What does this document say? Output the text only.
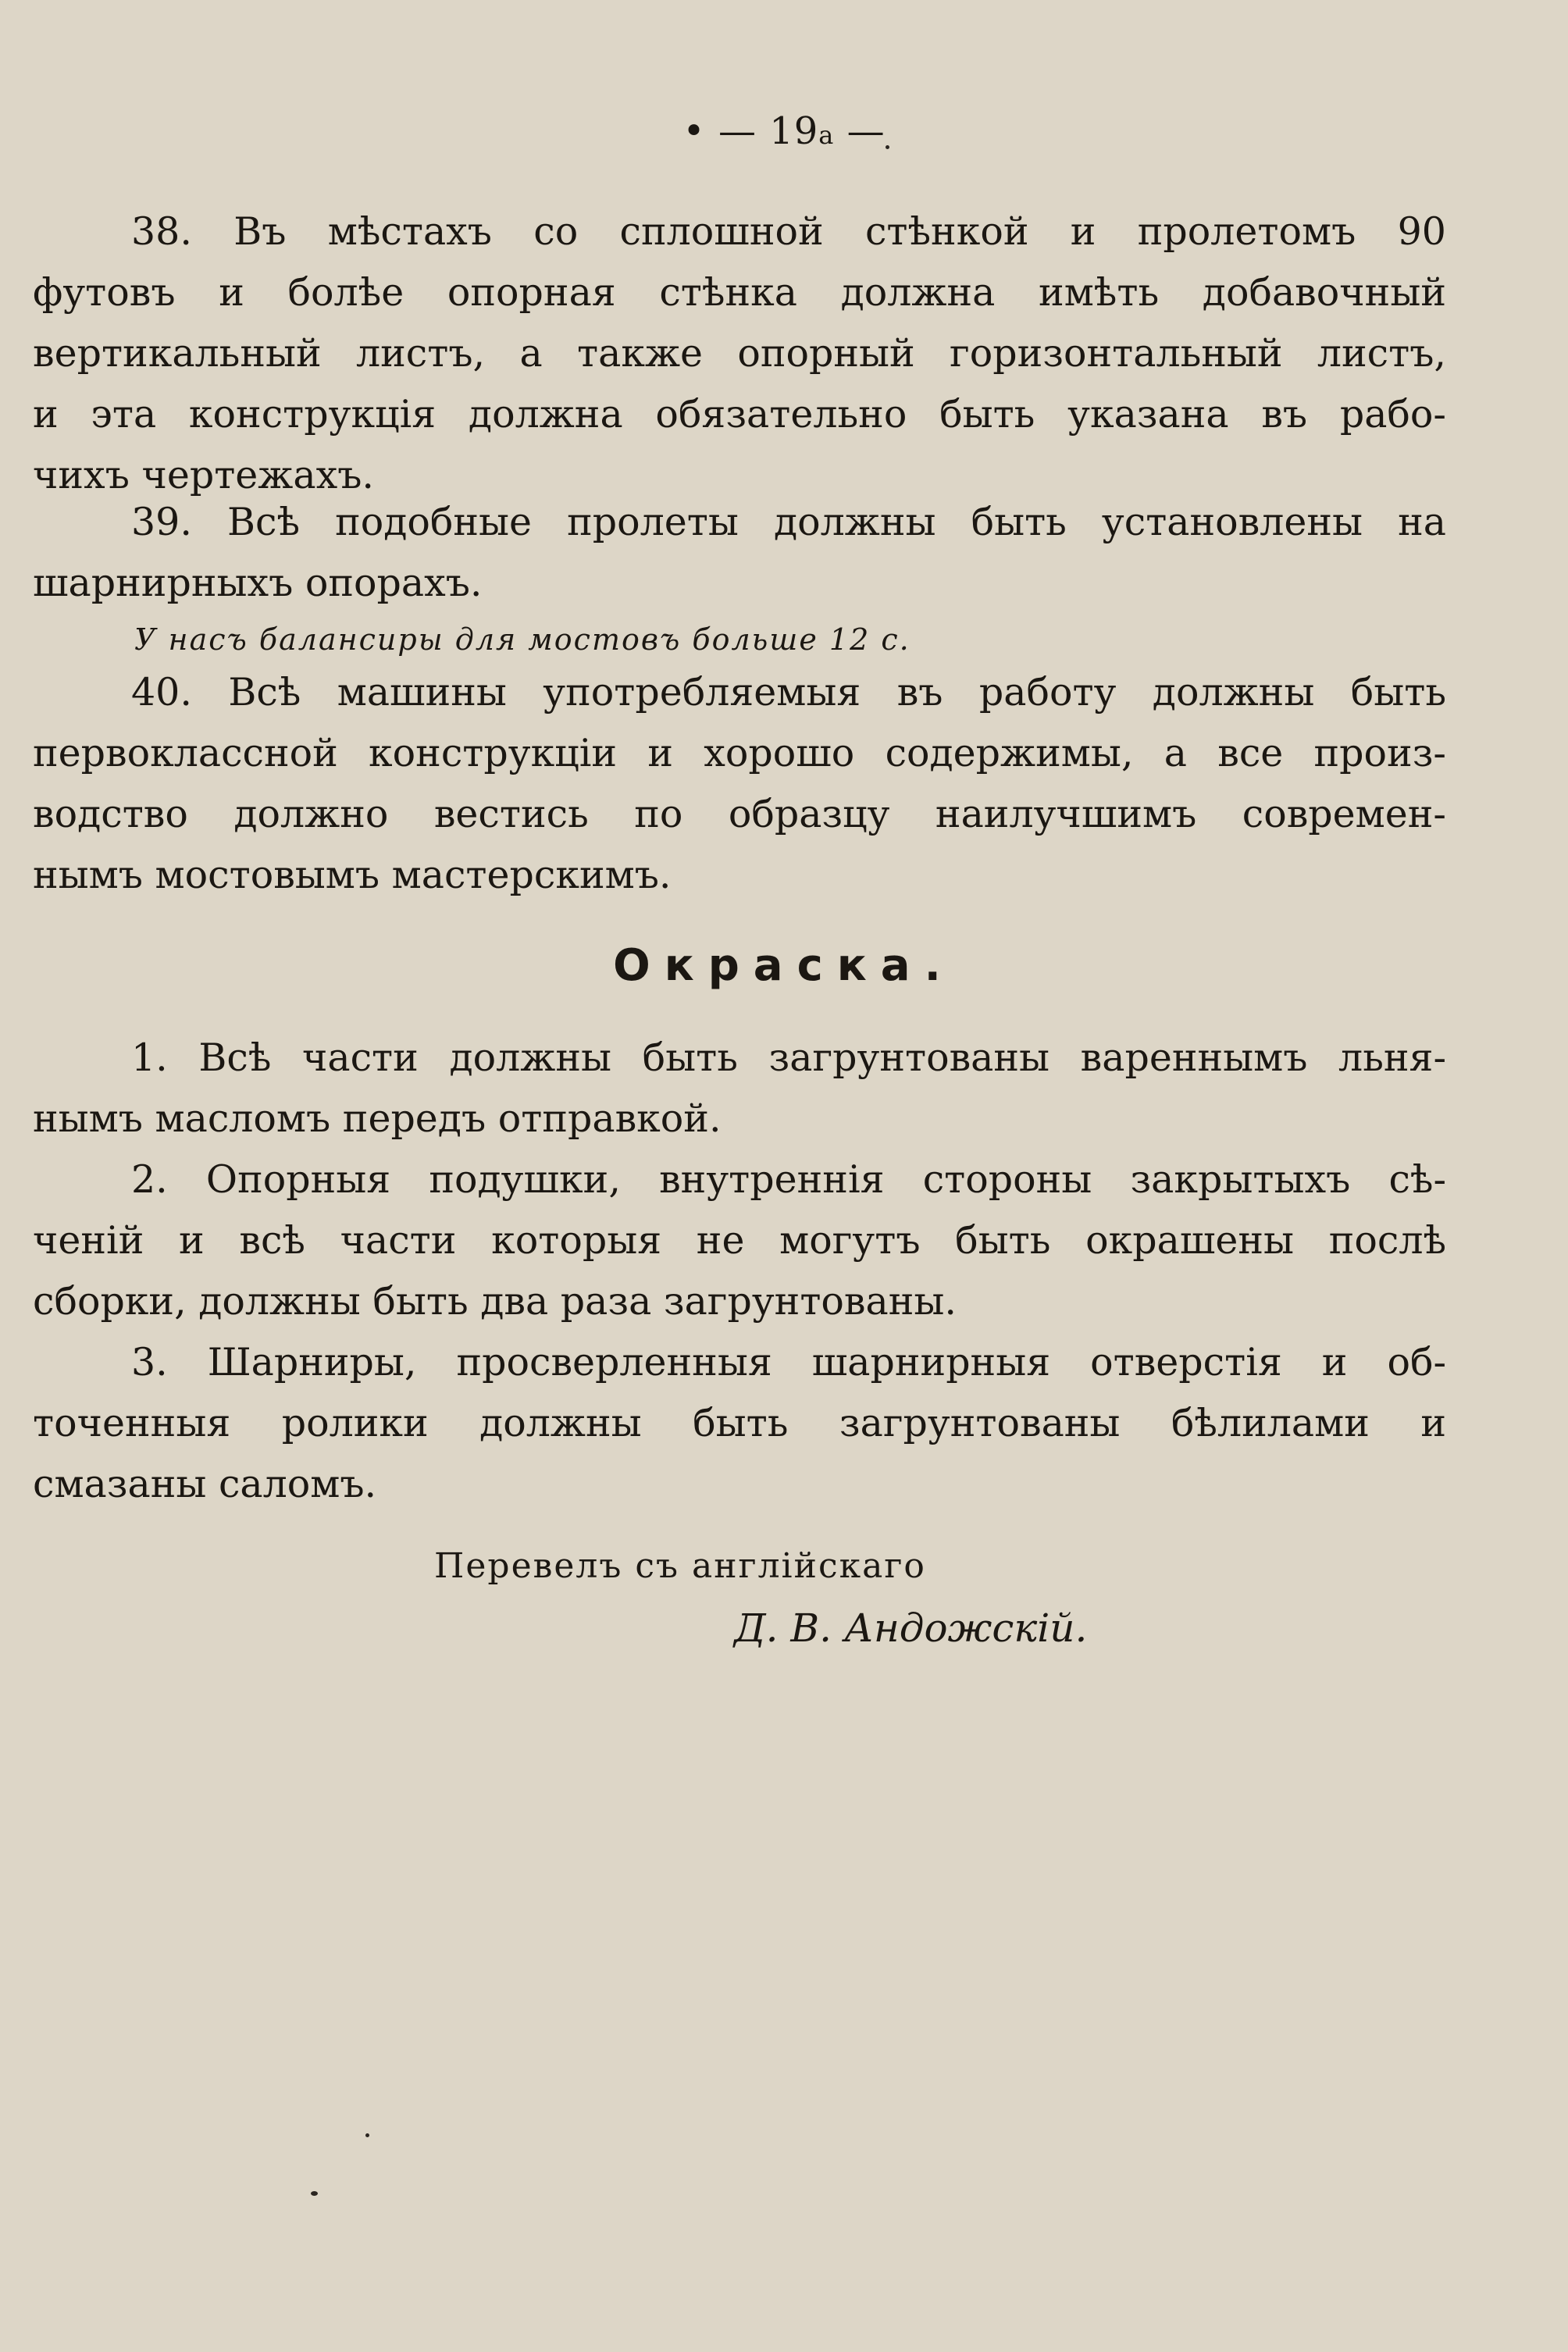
• — 19а —
38. Въ мѣстахъ со сплошной стѣнкой и пролетомъ 90
футовъ и болѣе опорная стѣнка должна имѣть добавочный
вертикальный листъ, а также опорный горизонтальный листъ,
и эта конструкція должна обязательно быть указана въ рабо-
чихъ чертежахъ.
39. Всѣ подобные пролеты должны быть установлены на
шарнирныхъ опорахъ.
У насъ балансиры для мостовъ больше 12 с.
40. Всѣ машины употребляемыя въ работу должны быть
первоклассной конструкціи и хорошо содержимы, а все произ-
водство должно вестись по образцу наилучшимъ современ-
нымъ мостовымъ мастерскимъ.
Окраска.
1. Всѣ части должны быть загрунтованы вареннымъ льня-
нымъ масломъ передъ отправкой.
2. Опорныя подушки, внутреннія стороны закрытыхъ сѣ-
ченій и всѣ части которыя не могутъ быть окрашены послѣ
сборки, должны быть два раза загрунтованы.
3. Шарниры, просверленныя шарнирныя отверстія и об-
точенныя ролики должны быть загрунтованы бѣлилами и
смазаны саломъ.
Перевелъ съ англійскаго
Д. В. Андожскій.
